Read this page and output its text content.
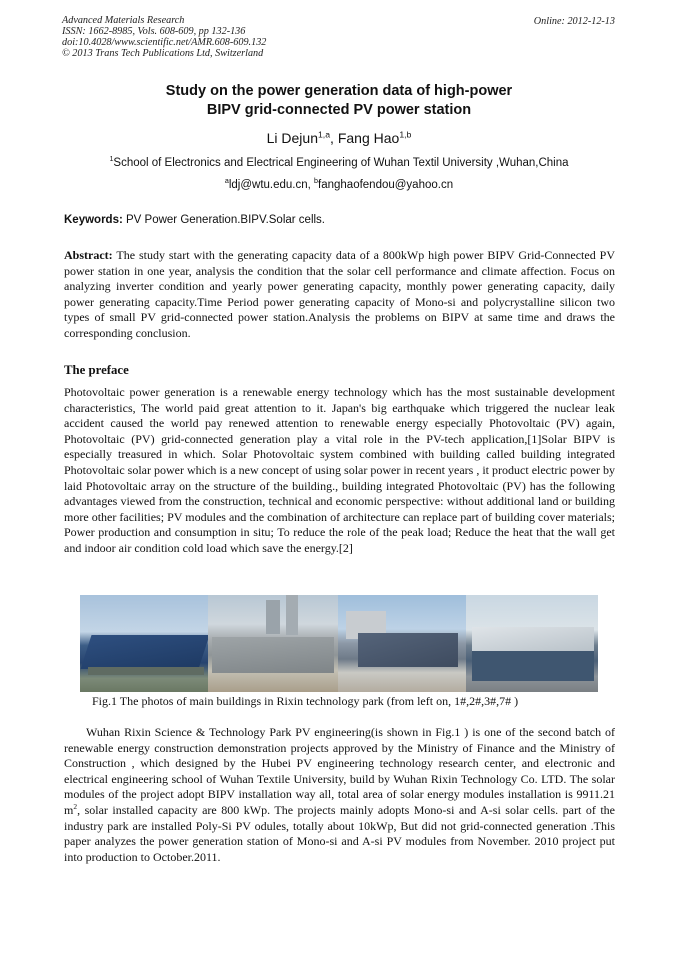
Advanced Materials Research
ISSN: 1662-8985, Vols. 608-609, pp 132-136
doi:10.4028/www.scientific.net/AMR.608-609.132
© 2013 Trans Tech Publications Ltd, Switzerland
Online: 2012-12-13
Study on the power generation data of high-power
BIPV grid-connected PV power station
Li Dejun$^{1,a}$, Fang Hao$^{1,b}$
$^1$School of Electronics and Electrical Engineering of Wuhan Textil University ,Wuhan,China
$^a$ldj@wtu.edu.cn, $^b$fanghaofendou@yahoo.cn
Keywords: PV Power Generation.BIPV.Solar cells.
Abstract: The study start with the generating capacity data of a 800kWp high power BIPV Grid-Connected PV power station in one year, analysis the condition that the solar cell performance and climate affection. Focus on analyzing inverter condition and yearly power generating capacity, monthly power generating capacity, daily power generating capacity.Time Period power generating capacity of Mono-si and polycrystalline silicon two types of small PV grid-connected power station.Analysis the problems on BIPV at same time and draws the corresponding conclusion.
The preface
Photovoltaic power generation is a renewable energy technology which has the most sustainable development characteristics, The world paid great attention to it. Japan's big earthquake which triggered the nuclear leak accident caused the world pay renewed attention to renewable energy especially Photovoltaic (PV) again, Photovoltaic (PV) grid-connected generation play a vital role in the PV-tech application,[1]Solar BIPV is especially treasured in which. Solar Photovoltaic system combined with building called building integrated Photovoltaic solar power which is a new concept of using solar power in recent years , it product electric power by laid Photovoltaic array on the structure of the building., building integrated Photovoltaic (PV) has the following advantages viewed from the construction, technical and economic perspective: without additional land or building more other facilities; PV modules and the combination of architecture can replace part of building cover materials; Power production and consumption in situ; To reduce the role of the peak load; Reduce the heat that the wall get and indoor air condition cold load which save the energy.[2]
Fig.1 The photos of main buildings in Rixin technology park (from left on, 1#,2#,3#,7# )
Wuhan Rixin Science & Technology Park PV engineering(is shown in Fig.1 ) is one of the second batch of renewable energy construction demonstration projects approved by the Ministry of Finance and the Ministry of Construction , which designed by the Hubei PV engineering technology research center, and electronic and electrical engineering school of Wuhan Textile University, build by Wuhan Rixin Technology Co. LTD. The solar modules of the project adopt BIPV installation way all, total area of solar energy modules installation is 9911.21 $m^2$, solar installed capacity are 800 kWp. The projects mainly adopts Mono-si and A-si solar cells. part of the industry park are installed Poly-Si PV odules, totally about 10kWp, But did not grid-connected generation .This paper analyzes the power generation station of Mono-si and A-si PV modules from November. 2010 project put into production to October.2011.
